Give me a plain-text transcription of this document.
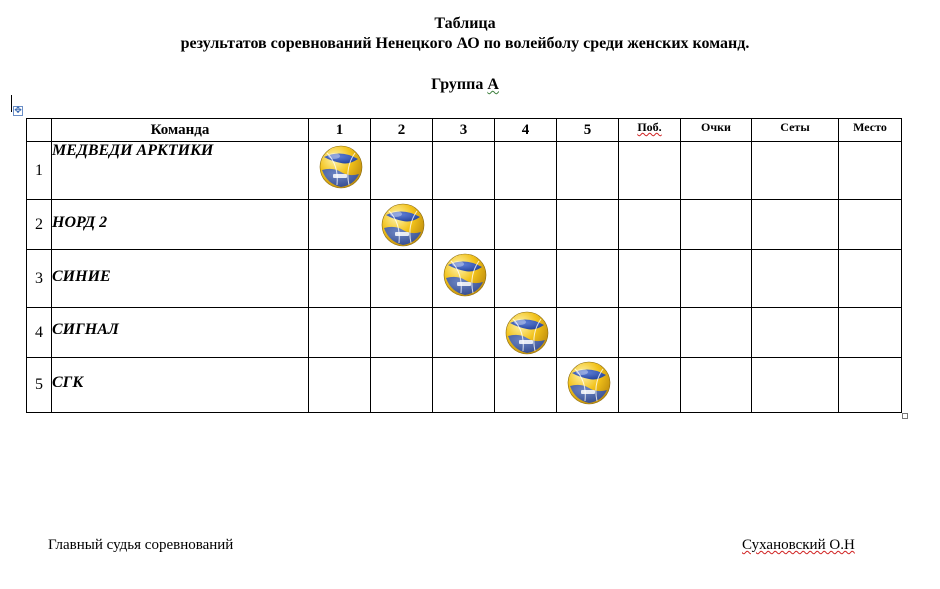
Таблица
результатов соревнований Ненецкого АО по волейболу среди женских команд.
Группа А
✥
	Команда	1	2	3	4	5	Поб.	Очки	Сеты	Место
1	МЕДВЕДИ АРКТИКИ	

2	НОРД 2		

3	СИНИЕ			

4	СИГНАЛ				

5	СГК					

Главный судья соревнований	Сухановский О.Н
